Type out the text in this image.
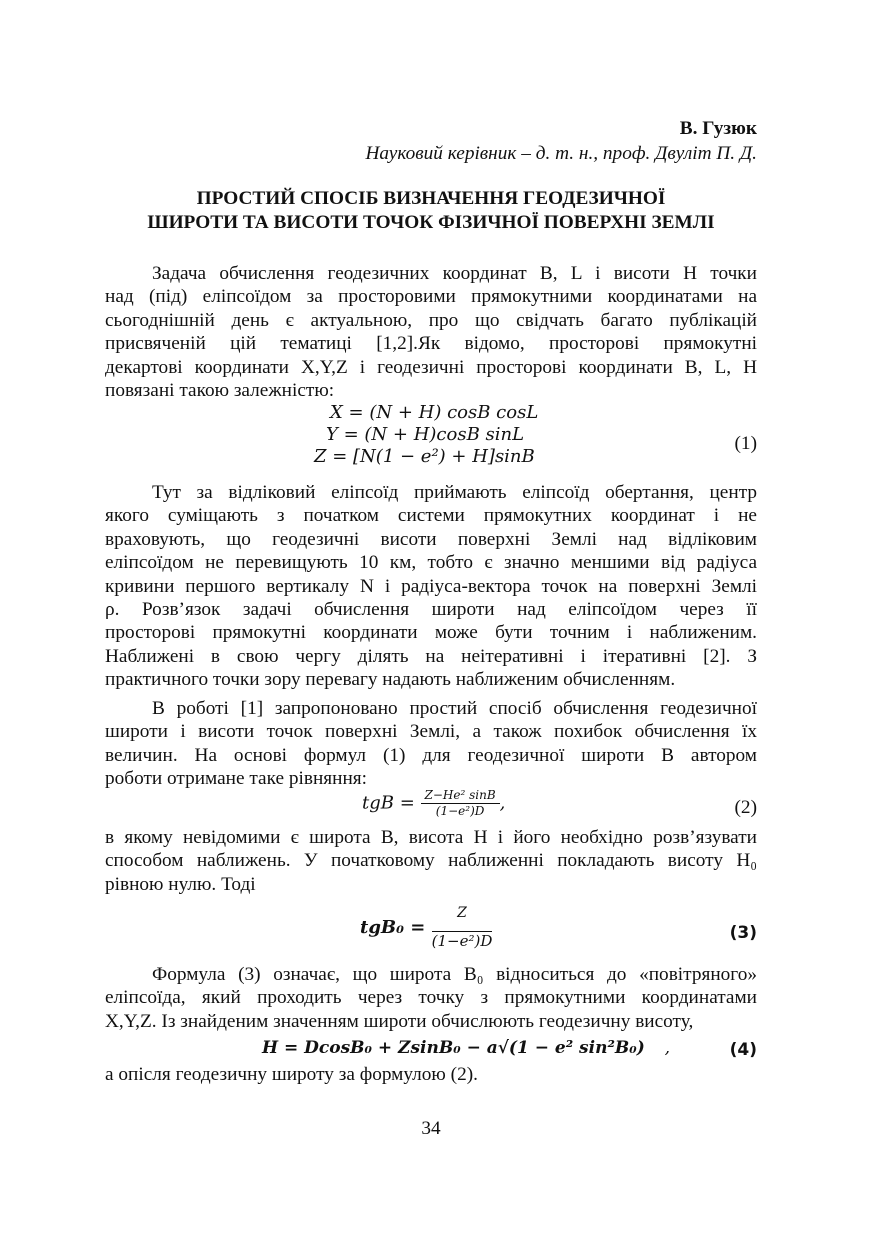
В. Гузюк
Науковий керівник – д. т. н., проф. Двуліт П. Д.
ПРОСТИЙ СПОСІБ ВИЗНАЧЕННЯ ГЕОДЕЗИЧНОЇ
ШИРОТИ ТА ВИСОТИ ТОЧОК ФІЗИЧНОЇ ПОВЕРХНІ ЗЕМЛІ
Задача обчислення геодезичних координат B, L і висоти H точки
над (під) еліпсоїдом за просторовими прямокутними координатами на
сьогоднішній день є актуальною, про що свідчать багато публікацій
присвяченій цій тематиці [1,2].Як відомо, просторові прямокутні
декартові координати X,Y,Z і геодезичні просторові координати B, L, H
повязані такою залежністю:
X = (N + H) cosB cosL
Y = (N + H)cosB sinL
Z = [N(1 − e²) + H]sinB
(1)
Тут за відліковий еліпсоїд приймають еліпсоїд обертання, центр
якого суміщають з початком системи прямокутних координат і не
враховують, що геодезичні висоти поверхні Землі над відліковим
еліпсоїдом не перевищують 10 км, тобто є значно меншими від радіуса
кривини першого вертикалу N і радіуса-вектора точок на поверхні Землі
ρ. Розв’язок задачі обчислення широти над еліпсоїдом через її
просторові прямокутні координати може бути точним і наближеним.
Наближені в свою чергу ділять на неітеративні і ітеративні [2]. З
практичного точки зору перевагу надають наближеним обчисленням.
В роботі [1] запропоновано простий спосіб обчислення геодезичної
широти і висоти точок поверхні Землі, а також похибок обчислення їх
величин. На основі формул (1) для геодезичної широти B автором
роботи отримане таке рівняння:
tgB = $\frac{\text{Z−He² sinB}}{\text{(1−e²)D}}$ ,	(2)
в якому невідомими є широта B, висота H і його необхідно розв’язувати
способом наближень. У початковому наближенні покладають висоту H₀
рівною нулю. Тоді
$tgB_0 = \frac{Z}{\text{(1−e²)D}}$	(3)
Формула (3) означає, що широта B₀ відноситься до «повітряного»
еліпсоїда, який проходить через точку з прямокутними координатами
X,Y,Z. Із знайденим значенням широти обчислюють геодезичну висоту,
H = DcosB₀ + ZsinB₀ − a√(1 − e² sin²B₀) ,	(4)
а опісля геодезичну широту за формулою (2).
34
